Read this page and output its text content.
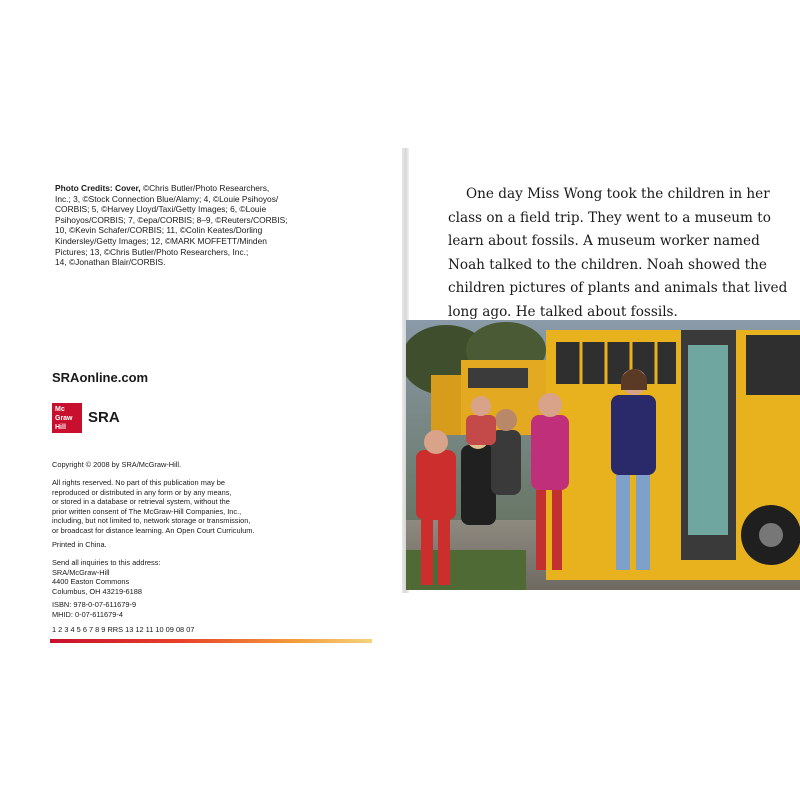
Photo Credits: Cover, ©Chris Butler/Photo Researchers,
Inc.; 3, ©Stock Connection Blue/Alamy; 4, ©Louie Psihoyos/
CORBIS; 5, ©Harvey Lloyd/Taxi/Getty Images; 6, ©Louie
Psihoyos/CORBIS; 7, ©epa/CORBIS; 8–9, ©Reuters/CORBIS;
10, ©Kevin Schafer/CORBIS; 11, ©Colin Keates/Dorling
Kindersley/Getty Images; 12, ©MARK MOFFETT/Minden
Pictures; 13, ©Chris Butler/Photo Researchers, Inc.;
14, ©Jonathan Blair/CORBIS.
SRAonline.com
Mc
Graw
Hill
SRA
Copyright © 2008 by SRA/McGraw-Hill.

All rights reserved. No part of this publication may be

reproduced or distributed in any form or by any means,

or stored in a database or retrieval system, without the

prior written consent of The McGraw-Hill Companies, Inc.,

including, but not limited to, network storage or transmission,

or broadcast for distance learning. An Open Court Curriculum.

Printed in China.

Send all inquiries to this address:

SRA/McGraw-Hill

4400 Easton Commons

Columbus, OH 43219-6188

ISBN: 978-0-07-611679-9

MHID: 0-07-611679-4

1 2 3 4 5 6 7 8 9 RRS 13 12 11 10 09 08 07
One day Miss Wong took the children in her
class on a field trip. They went to a museum to
learn about fossils. A museum worker named
Noah talked to the children. Noah showed the
children pictures of plants and animals that lived
long ago. He talked about fossils.
